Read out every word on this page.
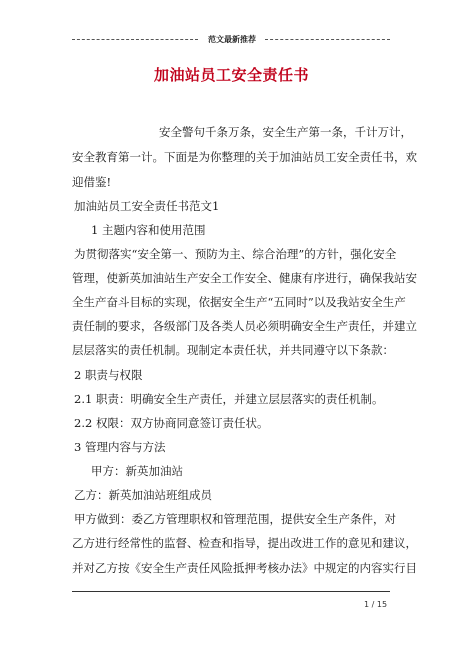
范文最新推荐
加油站员工安全责任书
安全警句千条万条，安全生产第一条，千计万计，
安全教育第一计。下面是为你整理的关于加油站员工安全责任书，欢
迎借鉴!
加油站员工安全责任书范文1
1 主题内容和使用范围
为贯彻落实“安全第一、预防为主、综合治理”的方针，强化安全
管理，使新英加油站生产安全工作安全、健康有序进行，确保我站安
全生产奋斗目标的实现，依据安全生产“五同时”以及我站安全生产
责任制的要求，各级部门及各类人员必须明确安全生产责任，并建立
层层落实的责任机制。现制定本责任状，并共同遵守以下条款：
2 职责与权限
2.1 职责：明确安全生产责任，并建立层层落实的责任机制。
2.2 权限：双方协商同意签订责任状。
3 管理内容与方法
甲方：新英加油站
乙方：新英加油站班组成员
甲方做到：委乙方管理职权和管理范围，提供安全生产条件，对
乙方进行经常性的监督、检查和指导，提出改进工作的意见和建议，
并对乙方按《安全生产责任风险抵押考核办法》中规定的内容实行目
1 / 15
